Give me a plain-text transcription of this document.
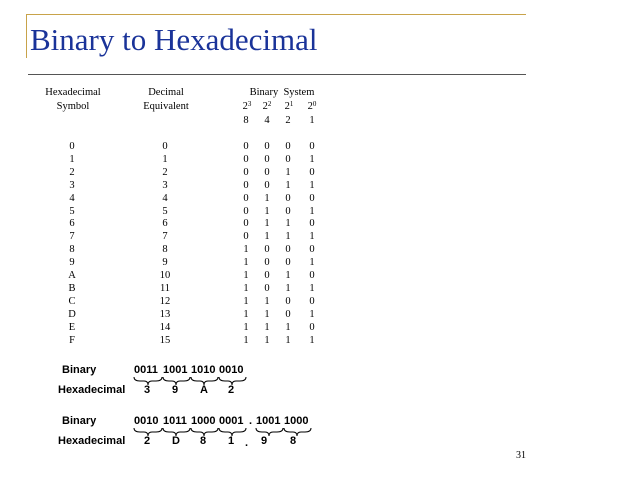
Binary to Hexadecimal
Hexadecimal
Symbol
Decimal
Equivalent
Binary  System
$2^3$	$2^2$	$2^1$	$2^0$
8	4	2	1
0	0	0	0	0	0
1	1	0	0	0	1
2	2	0	0	1	0
3	3	0	0	1	1
4	4	0	1	0	0
5	5	0	1	0	1
6	6	0	1	1	0
7	7	0	1	1	1
8	8	1	0	0	0
9	9	1	0	0	1
A	10	1	0	1	0
B	11	1	0	1	1
C	12	1	1	0	0
D	13	1	1	0	1
E	14	1	1	1	0
F	15	1	1	1	1
Binary	0011 1001 1010 0010
Hexadecimal 3 9 A 2
Binary	0010 1011 1000 0001 . 1001 1000
Hexadecimal 2 D 8 1 . 9 8
31
